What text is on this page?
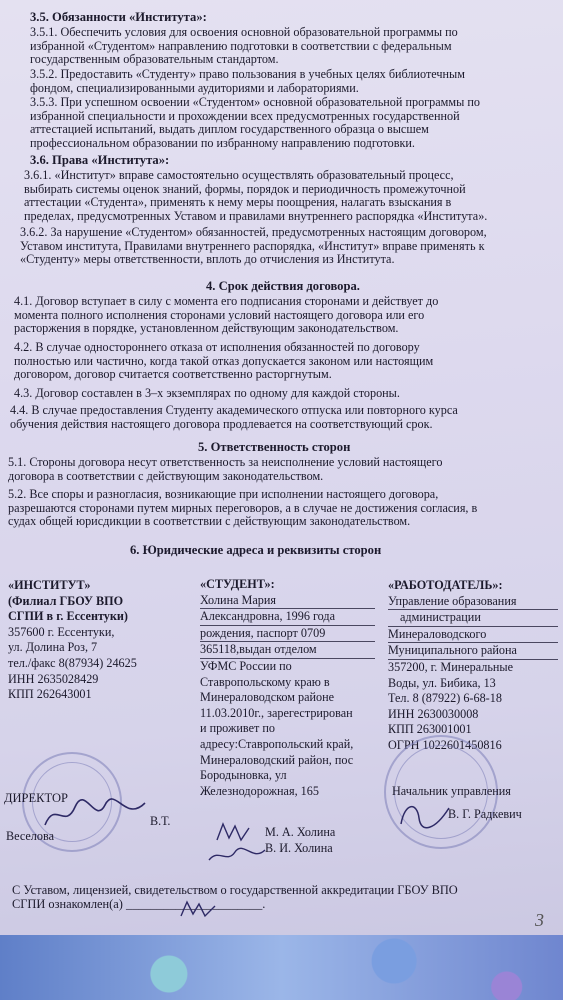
3.5. Обязанности «Института»:
3.5.1. Обеспечить условия для освоения основной образовательной программы по
избранной «Студентом» направлению подготовки в соответствии с федеральным
государственным образовательным стандартом.
3.5.2. Предоставить «Студенту» право пользования в учебных целях библиотечным
фондом, специализированными аудиториями и лабораториями.
3.5.3. При успешном освоении «Студентом» основной образовательной программы по
избранной специальности и прохождении всех предусмотренных государственной
аттестацией испытаний, выдать диплом государственного образца о высшем
профессиональном образовании по избранному направлению подготовки.
3.6. Права «Института»:
3.6.1. «Институт» вправе самостоятельно осуществлять образовательный процесс,
выбирать системы оценок знаний, формы, порядок и периодичность промежуточной
аттестации «Студента», применять к нему меры поощрения, налагать взыскания в
пределах, предусмотренных Уставом и правилами внутреннего распорядка «Института».
3.6.2. За нарушение «Студентом» обязанностей, предусмотренных настоящим договором,
Уставом института, Правилами внутреннего распорядка, «Институт» вправе применять к
«Студенту» меры ответственности, вплоть до отчисления из Института.
4. Срок действия договора.
4.1. Договор вступает в силу с момента его подписания сторонами и действует до
момента полного исполнения сторонами условий настоящего договора или его
расторжения в порядке, установленном действующим законодательством.
4.2. В случае одностороннего отказа от исполнения обязанностей по договору
полностью или частично, когда такой отказ допускается законом или настоящим
договором, договор считается соответственно расторгнутым.
4.3. Договор составлен в 3–х экземплярах по одному для каждой стороны.
4.4. В случае предоставления Студенту академического отпуска или повторного курса
обучения действия настоящего договора продлевается на соответствующий срок.
5. Ответственность сторон
5.1. Стороны договора несут ответственность за неисполнение условий настоящего
договора в соответствии с действующим законодательством.
5.2. Все споры и разногласия, возникающие при исполнении настоящего договора,
разрешаются сторонами путем мирных переговоров, а в случае не достижения согласия, в
судах общей юрисдикции в соответствии с действующим законодательством.
6. Юридические адреса и реквизиты сторон
«ИНСТИТУТ»
(Филиал ГБОУ ВПО
СГПИ в г. Ессентуки)
357600 г. Ессентуки,
ул. Долина Роз, 7
тел./факс 8(87934) 24625
ИНН 2635028429
КПП 262643001
ДИРЕКТОР
В.Т.
Веселова
«СТУДЕНТ»:
Холина Мария
Александровна, 1996 года
рождения, паспорт 0709
365118,выдан отделом
УФМС России по
Ставропольскому краю в
Минераловодском районе
11.03.2010г., зарегестрирован
и проживет по
адресу:Ставропольский край,
Минераловодский район, пос
Бородыновка, ул
Железнодорожная, 165
М. А. Холина
В. И. Холина
«РАБОТОДАТЕЛЬ»:
Управление образования
администрации
Минераловодского
Муниципального района
357200, г. Минеральные
Воды, ул. Бибика, 13
Тел. 8 (87922) 6-68-18
ИНН 2630030008
КПП 263001001
ОГРН 1022601450816
Начальник управления
В. Г. Радкевич
С Уставом, лицензией, свидетельством о государственной аккредитации ГБОУ ВПО
СГПИ ознакомлен(а) ______________________.
3
